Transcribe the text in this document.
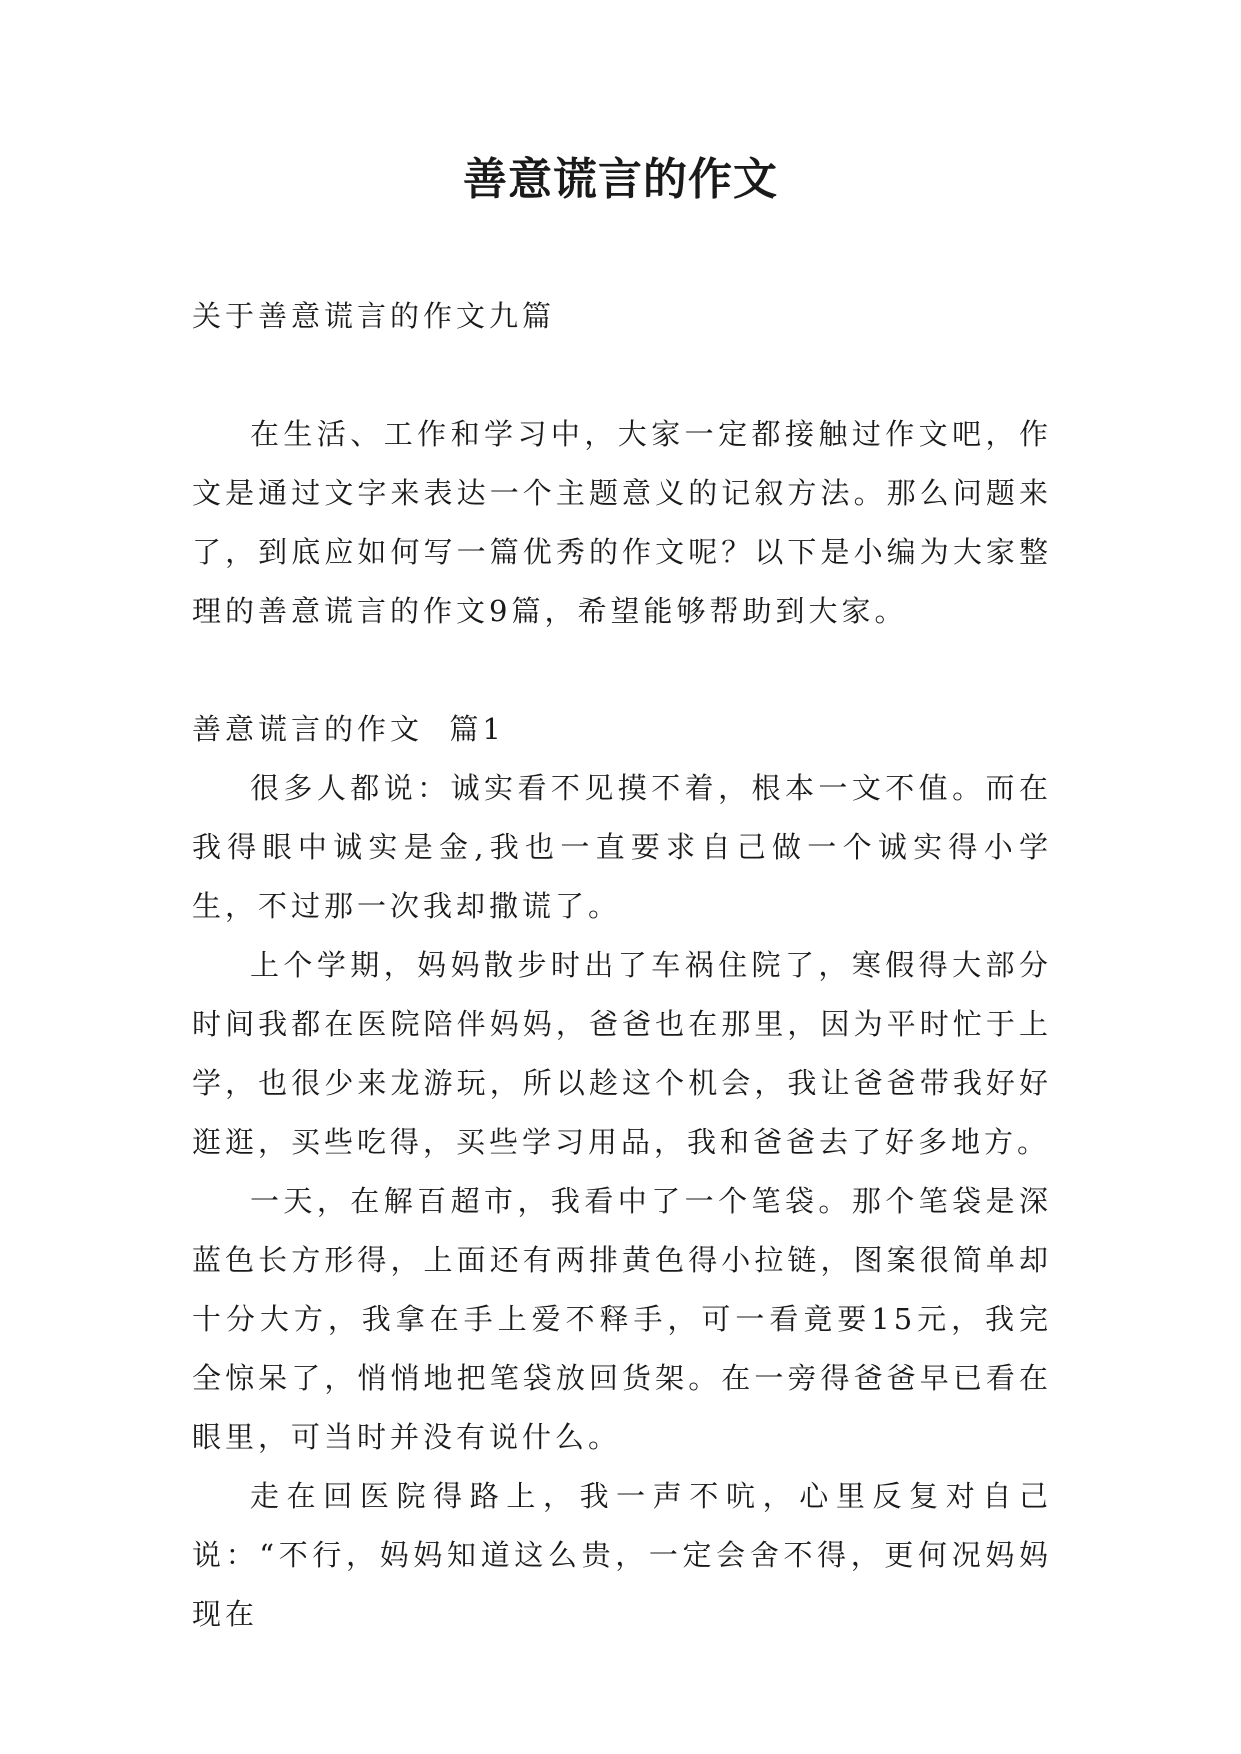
善意谎言的作文

关于善意谎言的作文九篇

在生活、工作和学习中，大家一定都接触过作文吧，作文是通过文字来表达一个主题意义的记叙方法。那么问题来了，到底应如何写一篇优秀的作文呢？以下是小编为大家整理的善意谎言的作文9篇，希望能够帮助到大家。

善意谎言的作文  篇1

很多人都说：诚实看不见摸不着，根本一文不值。而在我得眼中诚实是金,我也一直要求自己做一个诚实得小学生，不过那一次我却撒谎了。

上个学期，妈妈散步时出了车祸住院了，寒假得大部分时间我都在医院陪伴妈妈，爸爸也在那里，因为平时忙于上学，也很少来龙游玩，所以趁这个机会，我让爸爸带我好好逛逛，买些吃得，买些学习用品，我和爸爸去了好多地方。

一天，在解百超市，我看中了一个笔袋。那个笔袋是深蓝色长方形得，上面还有两排黄色得小拉链，图案很简单却十分大方，我拿在手上爱不释手，可一看竟要15元，我完全惊呆了，悄悄地把笔袋放回货架。在一旁得爸爸早已看在眼里，可当时并没有说什么。

走在回医院得路上，我一声不吭，心里反复对自己说：“不行，妈妈知道这么贵，一定会舍不得，更何况妈妈现在
